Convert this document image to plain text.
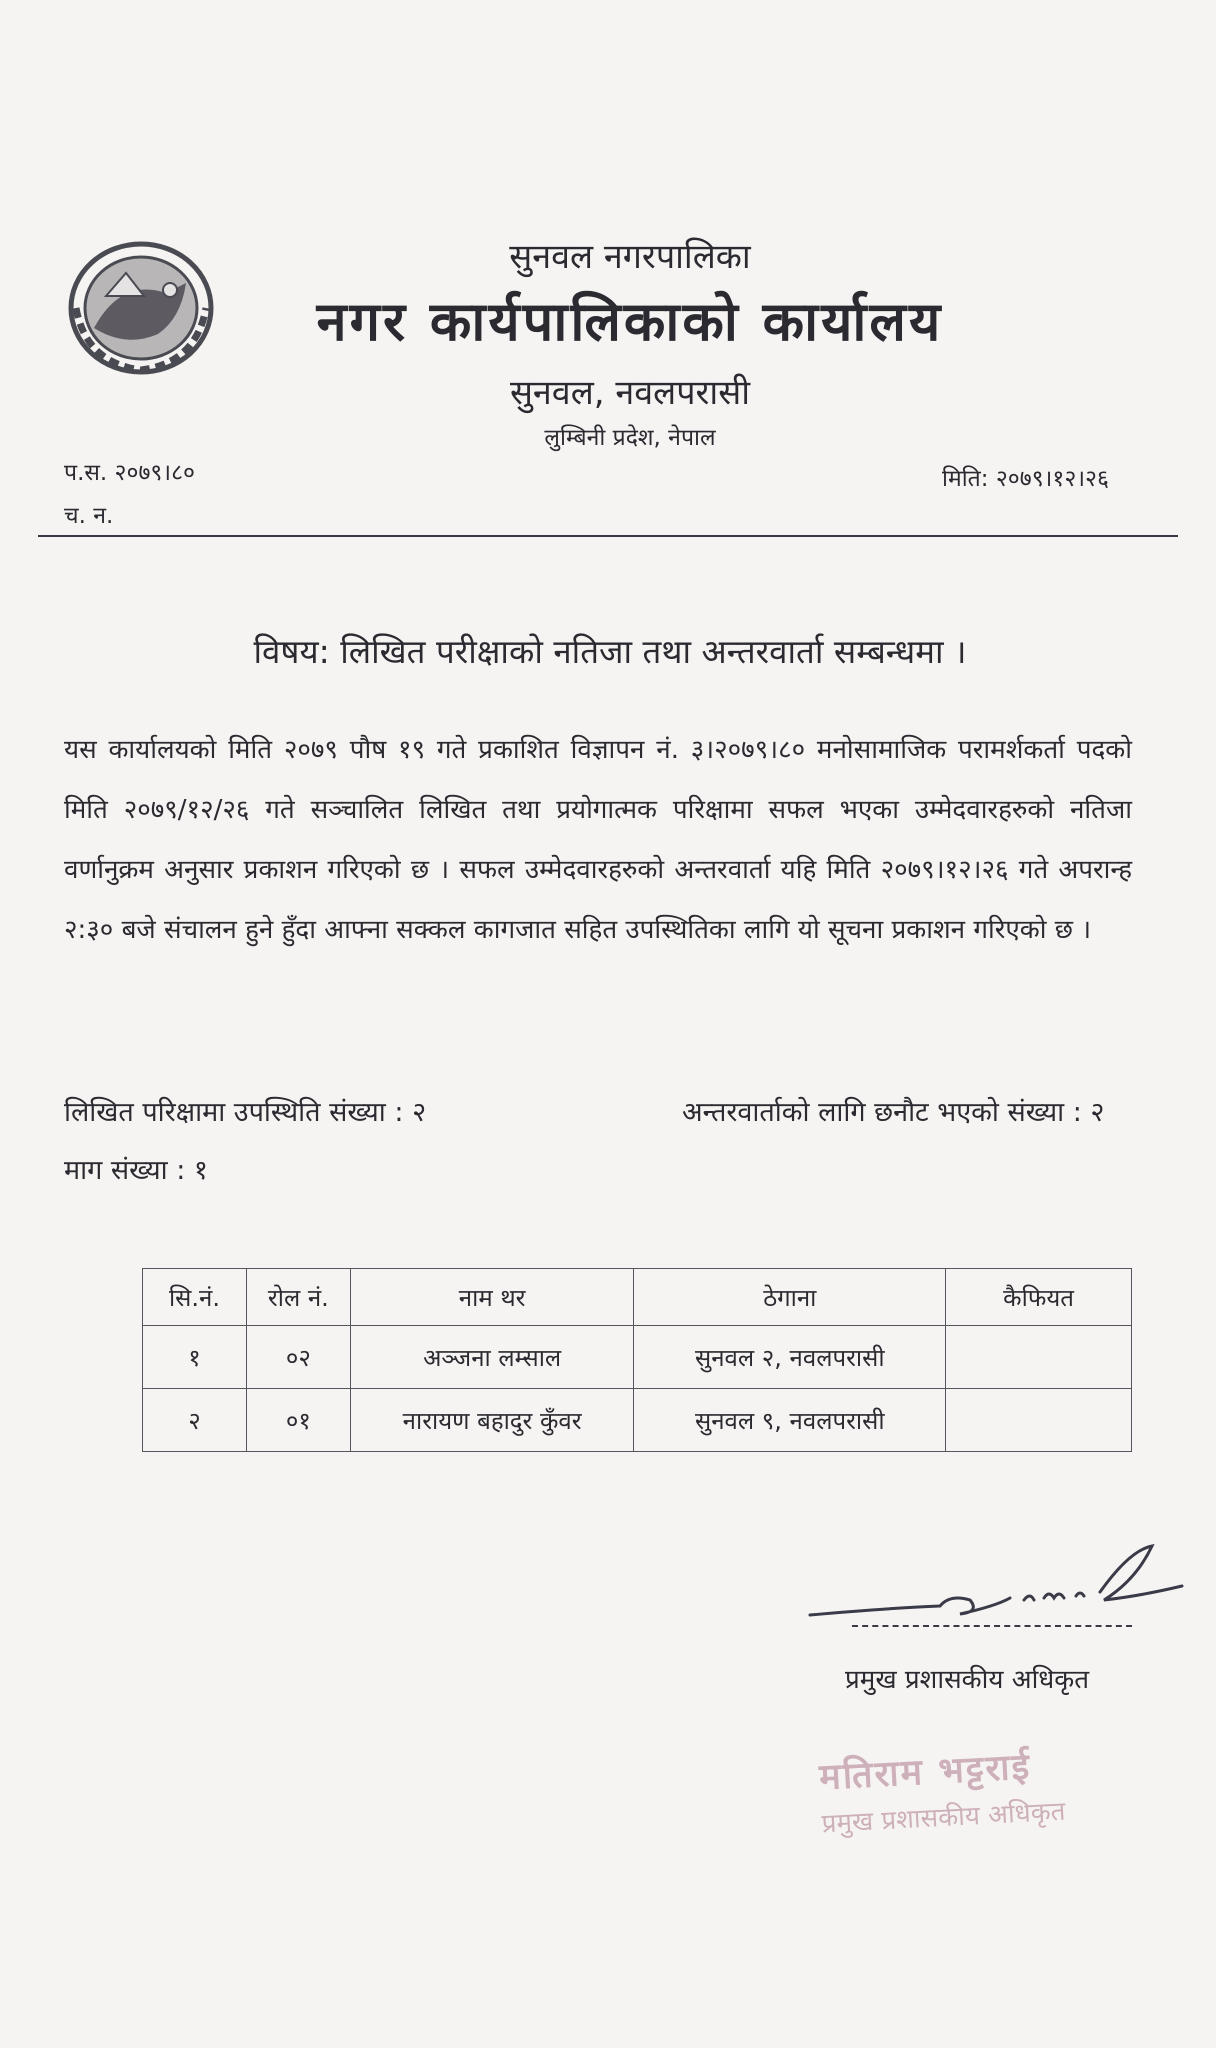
सुनवल नगरपालिका
नगर कार्यपालिकाको कार्यालय
सुनवल, नवलपरासी
लुम्बिनी प्रदेश, नेपाल
प.स. २०७९।८०
च. न.
मिति: २०७९।१२।२६
विषय: लिखित परीक्षाको नतिजा तथा अन्तरवार्ता सम्बन्धमा ।
यस कार्यालयको मिति २०७९ पौष १९ गते प्रकाशित विज्ञापन नं. ३।२०७९।८० मनोसामाजिक परामर्शकर्ता पदको मिति २०७९/१२/२६ गते सञ्चालित लिखित तथा प्रयोगात्मक परिक्षामा सफल भएका उम्मेदवारहरुको नतिजा वर्णानुक्रम अनुसार प्रकाशन गरिएको छ । सफल उम्मेदवारहरुको अन्तरवार्ता यहि मिति २०७९।१२।२६ गते अपरान्ह २:३० बजे संचालन हुने हुँदा आफ्ना सक्कल कागजात सहित उपस्थितिका लागि यो सूचना प्रकाशन गरिएको छ ।
लिखित परिक्षामा उपस्थिति संख्या : २	अन्तरवार्ताको लागि छनौट भएको संख्या : २
माग संख्या : १
सि.नं.	रोल नं.	नाम थर	ठेगाना	कैफियत
१	०२	अञ्जना लम्साल	सुनवल २, नवलपरासी	
२	०१	नारायण बहादुर कुँवर	सुनवल ९, नवलपरासी	
प्रमुख प्रशासकीय अधिकृत
मतिराम भट्टराई
प्रमुख प्रशासकीय अधिकृत
